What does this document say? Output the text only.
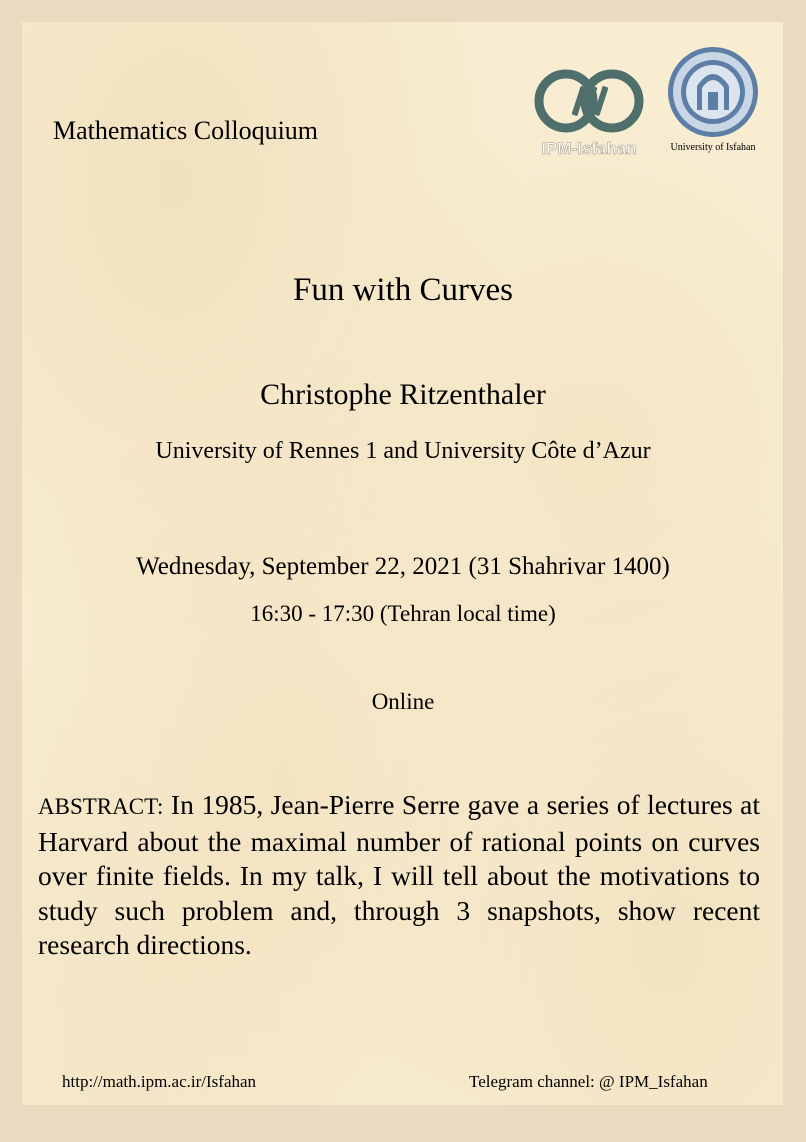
Mathematics Colloquium
IPM-Isfahan	University of Isfahan
Fun with Curves
Christophe Ritzenthaler
University of Rennes 1 and University Côte d’Azur
Wednesday, September 22, 2021 (31 Shahrivar 1400)
16:30 - 17:30 (Tehran local time)
Online
ABSTRACT: In 1985, Jean-Pierre Serre gave a series of lectures at Harvard about the maximal number of rational points on curves over finite fields. In my talk, I will tell about the motivations to study such problem and, through 3 snapshots, show recent research directions.
http://math.ipm.ac.ir/Isfahan	Telegram channel: @ IPM_Isfahan
